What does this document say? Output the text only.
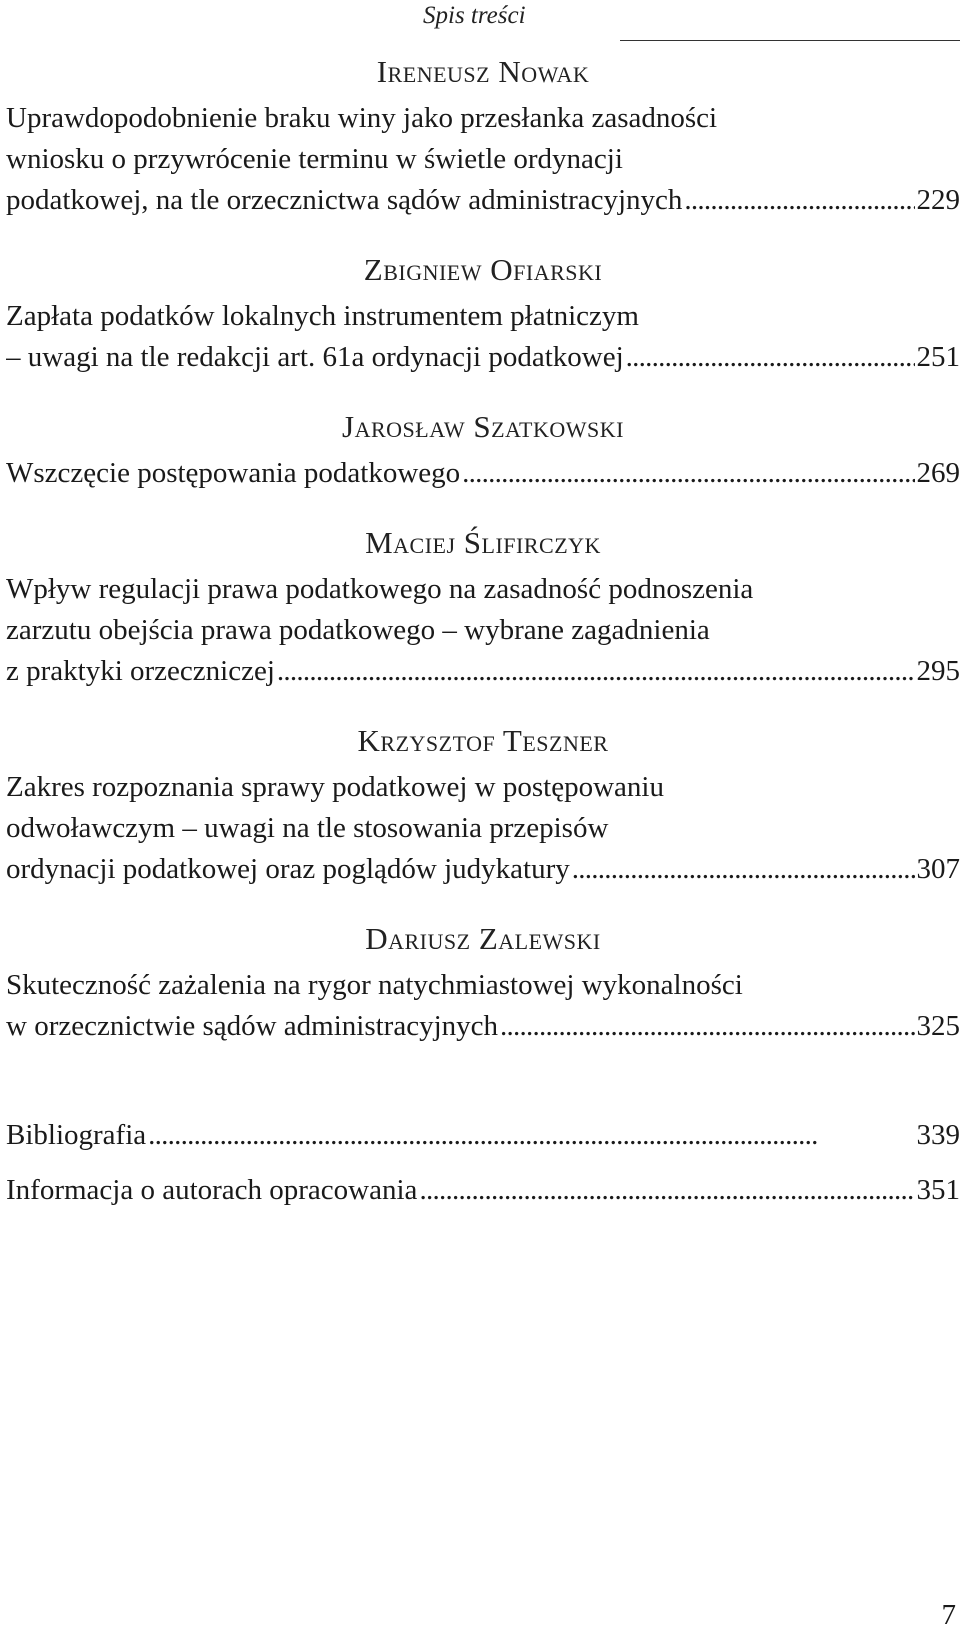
Spis treści
Ireneusz Nowak
Uprawdopodobnienie braku winy jako przesłanka zasadności
wniosku o przywrócenie terminu w świetle ordynacji
podatkowej, na tle orzecznictwa sądów administracyjnych . . .	229
Zbigniew Ofiarski
Zapłata podatków lokalnych instrumentem płatniczym
– uwagi na tle redakcji art. 61a ordynacji podatkowej . . .	251
Jarosław Szatkowski
Wszczęcie postępowania podatkowego . . .	269
Maciej Ślifirczyk
Wpływ regulacji prawa podatkowego na zasadność podnoszenia
zarzutu obejścia prawa podatkowego – wybrane zagadnienia
z praktyki orzeczniczej . . .	295
Krzysztof Teszner
Zakres rozpoznania sprawy podatkowej w postępowaniu
odwoławczym – uwagi na tle stosowania przepisów
ordynacji podatkowej oraz poglądów judykatury . . .	307
Dariusz Zalewski
Skuteczność zażalenia na rygor natychmiastowej wykonalności
w orzecznictwie sądów administracyjnych . . .	325
Bibliografia . . .	339
Informacja o autorach opracowania . . .	351
7
